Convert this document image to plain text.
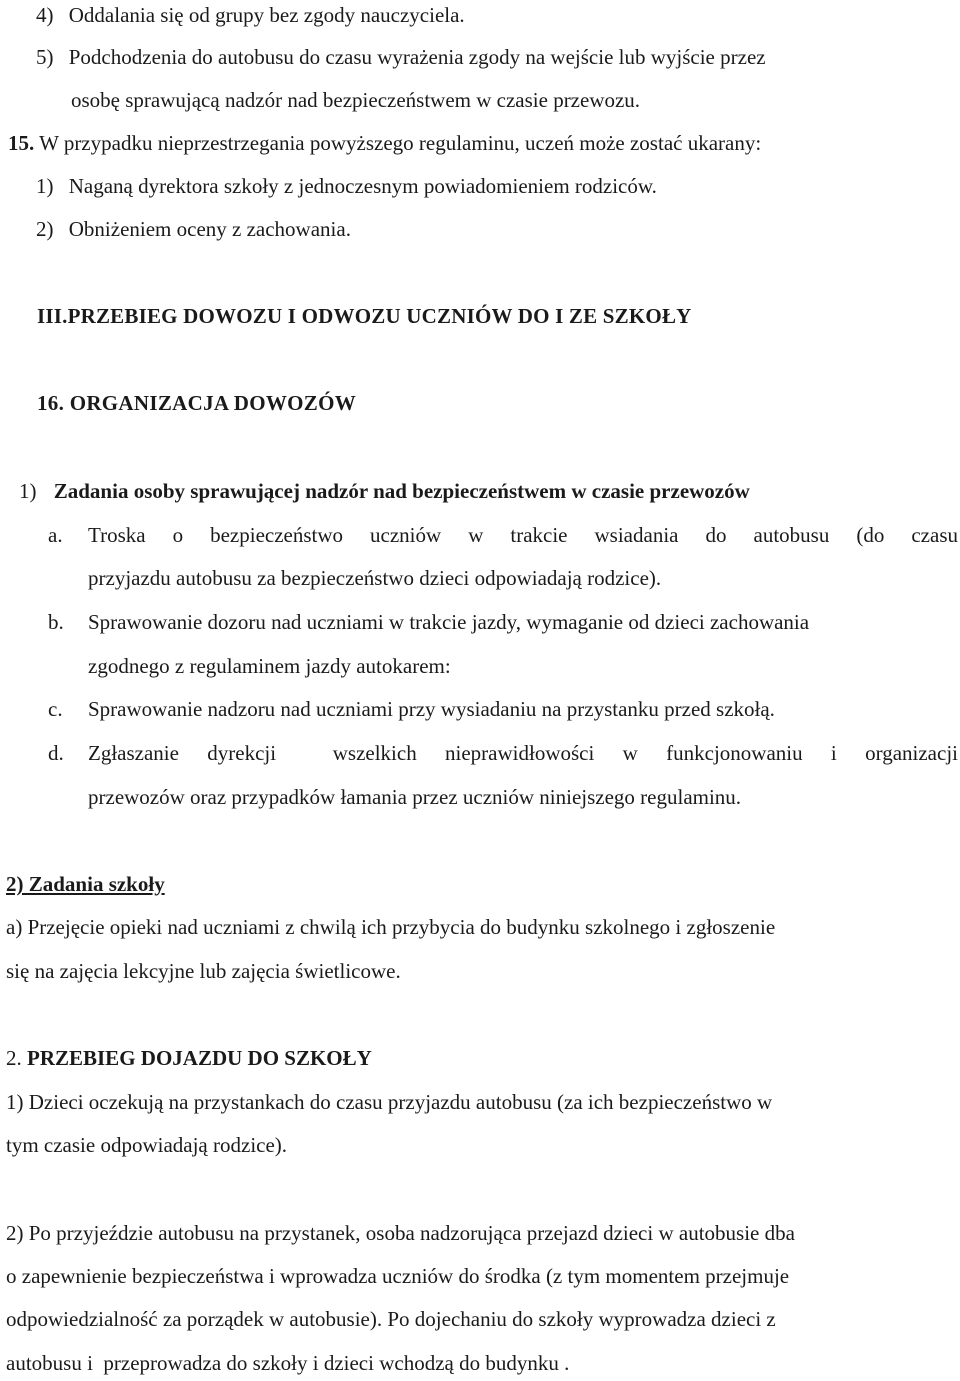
4) Oddalania się od grupy bez zgody nauczyciela.
5) Podchodzenia do autobusu do czasu wyrażenia zgody na wejście lub wyjście przez
osobę sprawującą nadzór nad bezpieczeństwem w czasie przewozu.
15. W przypadku nieprzestrzegania powyższego regulaminu, uczeń może zostać ukarany:
1) Naganą dyrektora szkoły z jednoczesnym powiadomieniem rodziców.
2) Obniżeniem oceny z zachowania.
III.PRZEBIEG DOWOZU I ODWOZU UCZNIÓW DO I ZE SZKOŁY
16. ORGANIZACJA DOWOZÓW
1) Zadania osoby sprawującej nadzór nad bezpieczeństwem w czasie przewozów
a. Troska o bezpieczeństwo uczniów w trakcie wsiadania do autobusu (do czasu
przyjazdu autobusu za bezpieczeństwo dzieci odpowiadają rodzice).
b. Sprawowanie dozoru nad uczniami w trakcie jazdy, wymaganie od dzieci zachowania
zgodnego z regulaminem jazdy autokarem:
c. Sprawowanie nadzoru nad uczniami przy wysiadaniu na przystanku przed szkołą.
d. Zgłaszanie dyrekcji  wszelkich nieprawidłowości w funkcjonowaniu i organizacji
przewozów oraz przypadków łamania przez uczniów niniejszego regulaminu.
2) Zadania szkoły
a) Przejęcie opieki nad uczniami z chwilą ich przybycia do budynku szkolnego i zgłoszenie
się na zajęcia lekcyjne lub zajęcia świetlicowe.
2. PRZEBIEG DOJAZDU DO SZKOŁY
1) Dzieci oczekują na przystankach do czasu przyjazdu autobusu (za ich bezpieczeństwo w
tym czasie odpowiadają rodzice).
2) Po przyjeździe autobusu na przystanek, osoba nadzorująca przejazd dzieci w autobusie dba
o zapewnienie bezpieczeństwa i wprowadza uczniów do środka (z tym momentem przejmuje
odpowiedzialność za porządek w autobusie). Po dojechaniu do szkoły wyprowadza dzieci z
autobusu i  przeprowadza do szkoły i dzieci wchodzą do budynku .
